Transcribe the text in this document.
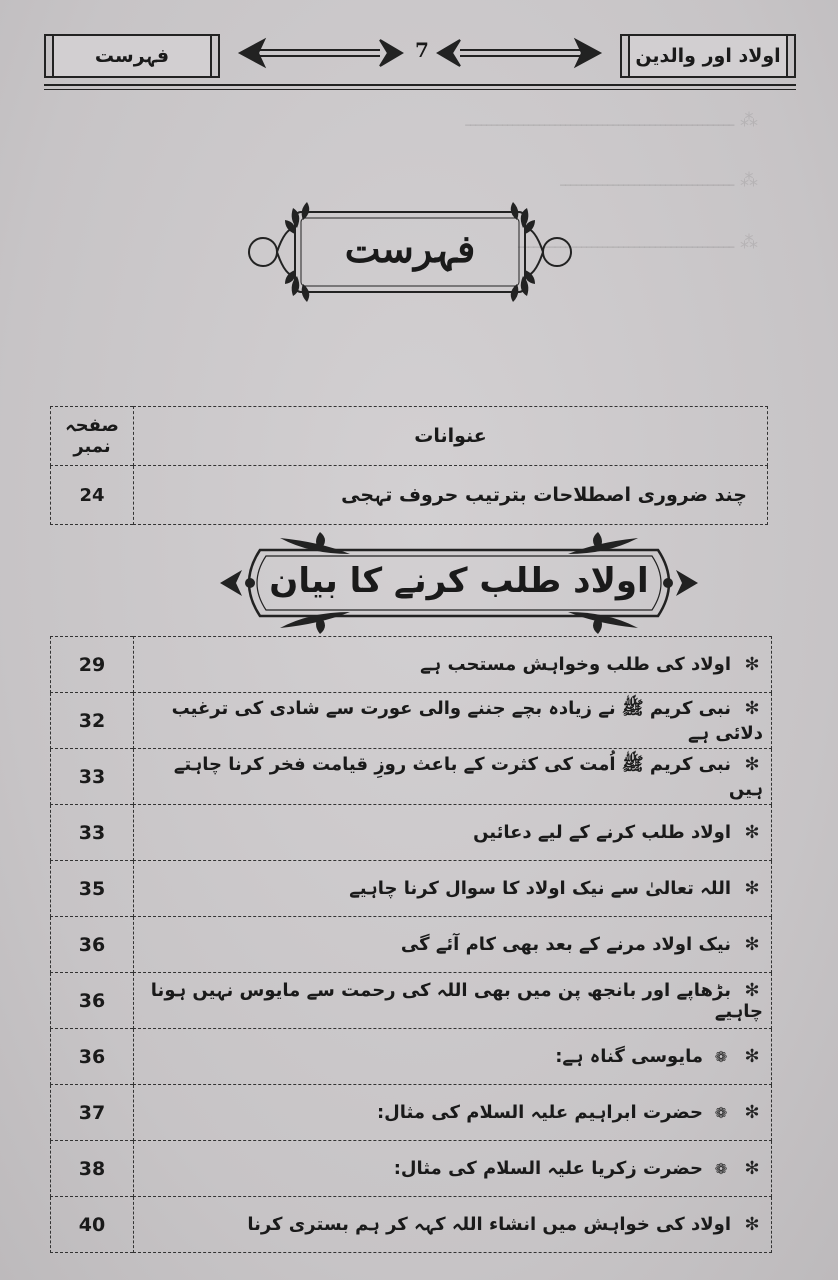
اولاد اور والدین
7
فہرست
⁂ ـــــــــــــــــــــــــــــــــــــــــــــــــــ
⁂ ـــــــــــــــــــــــــــــــــ
⁂ ـــــــــــــــــــــــــــــــــــــــــ
فہرست
عنوانات	صفحہ نمبر
چند ضروری اصطلاحات بترتیب حروف تہجی	24
اولاد طلب کرنے کا بیان
✻اولاد کی طلب وخواہش مستحب ہے	29
✻نبی کریم ﷺ نے زیادہ بچے جننے والی عورت سے شادی کی ترغیب دلائی ہے	32
✻نبی کریم ﷺ اُمت کی کثرت کے باعث روزِ قیامت فخر کرنا چاہتے ہیں	33
✻اولاد طلب کرنے کے لیے دعائیں	33
✻اللہ تعالیٰ سے نیک اولاد کا سوال کرنا چاہیے	35
✻نیک اولاد مرنے کے بعد بھی کام آئے گی	36
✻بڑھاپے اور بانجھ پن میں بھی اللہ کی رحمت سے مایوس نہیں ہونا چاہیے	36
✻❁مایوسی گناہ ہے:	36
✻❁حضرت ابراہیم علیہ السلام کی مثال:	37
✻❁حضرت زکریا علیہ السلام کی مثال:	38
✻اولاد کی خواہش میں انشاء اللہ کہہ کر ہم بستری کرنا	40
